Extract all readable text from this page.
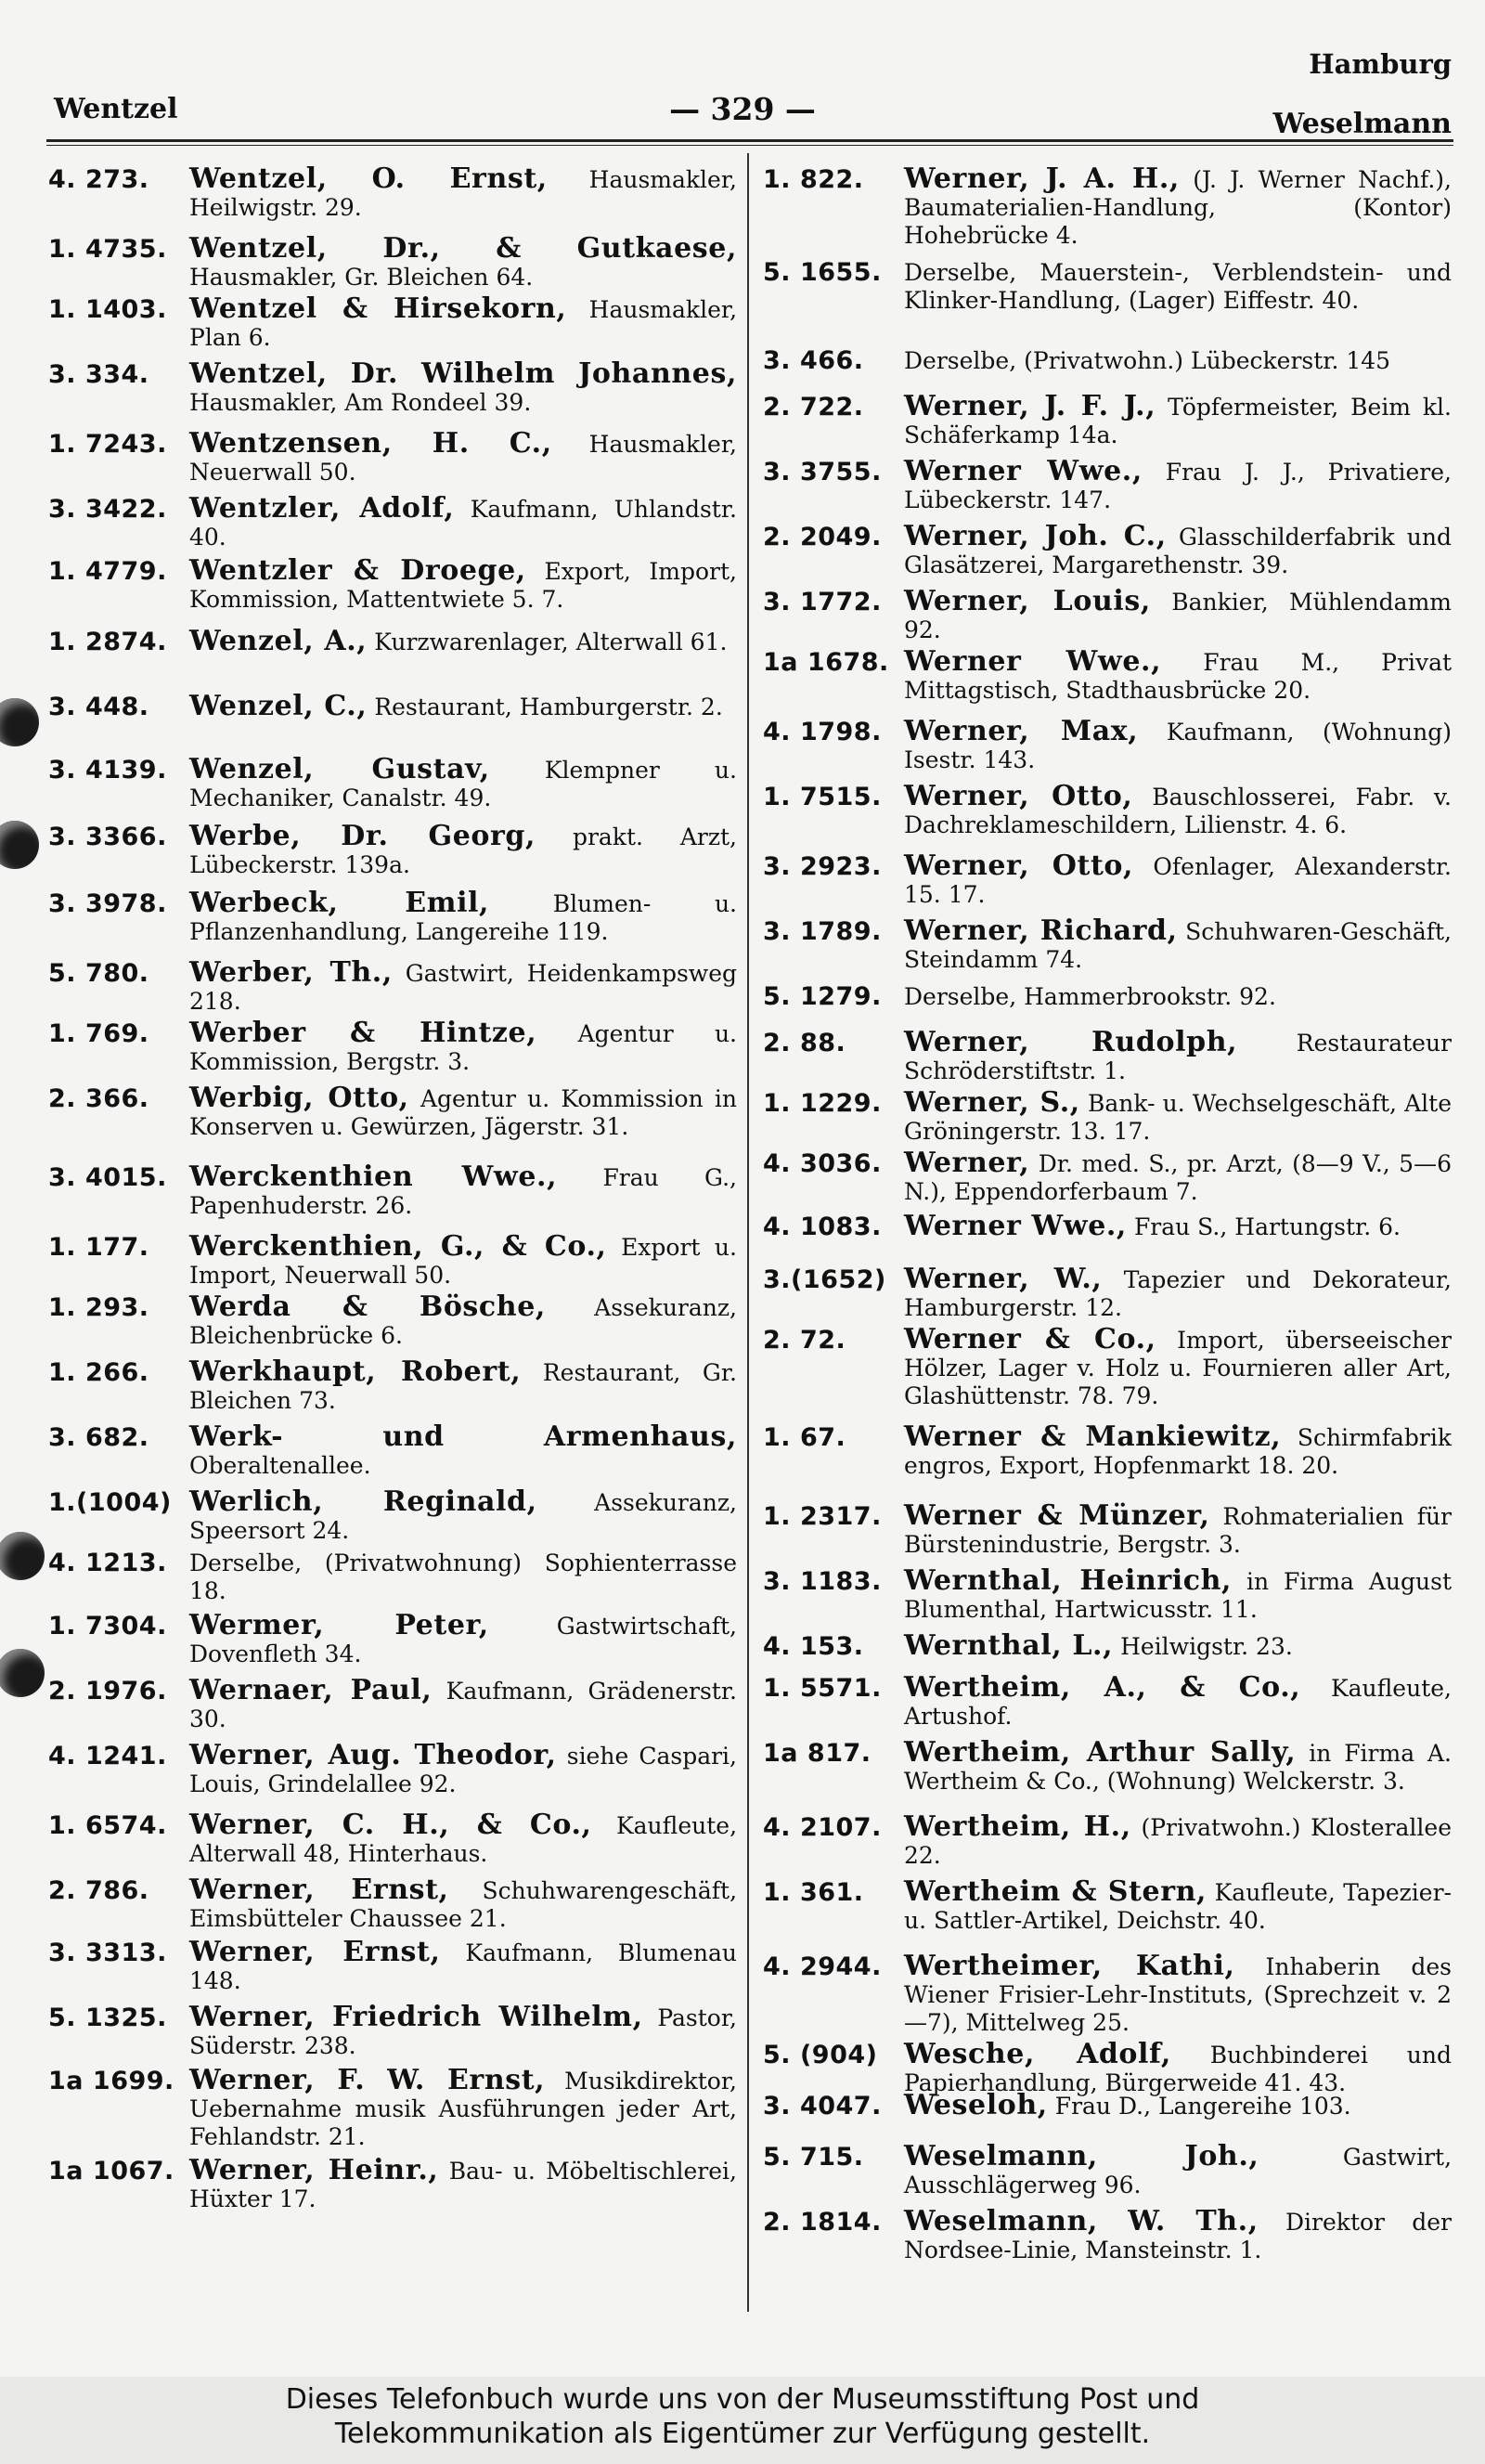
Hamburg
Wentzel	— 329 —	Weselmann
4. 273.	Wentzel, O. Ernst, Hausmakler, Heilwigstr. 29.
1. 4735. Wentzel, Dr., & Gutkaese, Hausmakler, Gr. Bleichen 64.
1. 1403. Wentzel & Hirsekorn, Hausmakler, Plan 6.
3. 334.	Wentzel, Dr. Wilhelm Johannes, Hausmakler, Am Rondeel 39.
1. 7243. Wentzensen, H. C., Hausmakler, Neuerwall 50.
3. 3422. Wentzler, Adolf, Kaufmann, Uhlandstr. 40.
1. 4779. Wentzler & Droege, Export, Import, Kommission, Mattentwiete 5. 7.
1. 2874. Wenzel, A., Kurzwarenlager, Alterwall 61.
3. 448.	Wenzel, C., Restaurant, Hamburgerstr. 2.
3. 4139. Wenzel, Gustav, Klempner u. Mechaniker, Canalstr. 49.
3. 3366. Werbe, Dr. Georg, prakt. Arzt, Lübeckerstr. 139a.
3. 3978. Werbeck, Emil,	Blumen- u. Pflanzenhandlung, Langereihe 119.
5. 780.	Werber, Th., Gastwirt, Heidenkampsweg 218.
1. 769.	Werber & Hintze, Agentur u. Kommission, Bergstr. 3.
2. 366.	Werbig, Otto, Agentur u. Kommission in Konserven u. Gewürzen, Jägerstr. 31.
3. 4015. Werckenthien Wwe., Frau G., Papenhuderstr. 26.
1. 177.	Werckenthien, G., & Co., Export u. Import, Neuerwall 50.
1. 293.	Werda & Bösche, Assekuranz, Bleichenbrücke 6.
1. 266.	Werkhaupt, Robert, Restaurant, Gr. Bleichen 73.
3. 682.	Werk- und Armenhaus, Oberaltenallee.
1.(1004) Werlich, Reginald, Assekuranz, Speersort 24.
4. 1213. Derselbe, (Privatwohnung) Sophienterrasse 18.
1. 7304. Wermer, Peter,	Gastwirtschaft, Dovenfleth 34.
2. 1976. Wernaer, Paul, Kaufmann, Grädenerstr. 30.
4. 1241. Werner, Aug. Theodor, siehe Caspari, Louis, Grindelallee 92.
1. 6574. Werner, C. H., & Co., Kaufleute, Alterwall 48, Hinterhaus.
2. 786.	Werner, Ernst, Schuhwarengeschäft, Eimsbütteler Chaussee 21.
3. 3313. Werner, Ernst, Kaufmann, Blumenau 148.
5. 1325. Werner, Friedrich Wilhelm, Pastor, Süderstr. 238.
1a 1699. Werner, F. W. Ernst, Musikdirektor, Uebernahme musik Ausführungen jeder Art, Fehlandstr. 21.
1a 1067. Werner, Heinr., Bau- u. Möbeltischlerei, Hüxter 17.
1. 822.	Werner, J. A. H., (J. J. Werner Nachf.), Baumaterialien-Handlung, (Kontor) Hohebrücke 4.
5. 1655. Derselbe, Mauerstein-, Verblendstein- und Klinker-Handlung, (Lager) Eiffestr. 40.
3. 466.	Derselbe, (Privatwohn.) Lübeckerstr. 145
2. 722.	Werner, J. F. J., Töpfermeister, Beim kl. Schäferkamp 14a.
3. 3755. Werner Wwe., Frau J. J., Privatiere, Lübeckerstr. 147.
2. 2049. Werner, Joh. C., Glasschilderfabrik und Glasätzerei, Margarethenstr. 39.
3. 1772. Werner, Louis, Bankier, Mühlendamm 92.
1a 1678. Werner Wwe., Frau M., Privat Mittagstisch, Stadthausbrücke 20.
4. 1798. Werner, Max, Kaufmann, (Wohnung) Isestr. 143.
1. 7515. Werner, Otto, Bauschlosserei, Fabr. v. Dachreklameschildern, Lilienstr. 4. 6.
3. 2923. Werner, Otto, Ofenlager, Alexanderstr. 15. 17.
3. 1789. Werner, Richard, Schuhwaren-Geschäft, Steindamm 74.
5. 1279. Derselbe, Hammerbrookstr. 92.
2. 88.	Werner, Rudolph,	Restaurateur Schröderstiftstr. 1.
1. 1229. Werner, S., Bank- u. Wechselgeschäft, Alte Gröningerstr. 13. 17.
4. 3036. Werner, Dr. med. S., pr. Arzt, (8—9 V., 5—6 N.), Eppendorferbaum 7.
4. 1083. Werner Wwe., Frau S., Hartungstr. 6.
3.(1652) Werner, W., Tapezier und Dekorateur, Hamburgerstr. 12.
2. 72.	Werner & Co., Import, überseeischer Hölzer, Lager v. Holz u. Fournieren aller Art, Glashüttenstr. 78. 79.
1. 67.	Werner & Mankiewitz, Schirmfabrik engros, Export, Hopfenmarkt 18. 20.
1. 2317. Werner & Münzer, Rohmaterialien für Bürstenindustrie, Bergstr. 3.
3. 1183. Wernthal, Heinrich, in Firma August Blumenthal, Hartwicusstr. 11.
4. 153.	Wernthal, L., Heilwigstr. 23.
1. 5571. Wertheim, A., & Co., Kaufleute, Artushof.
1a 817.	Wertheim, Arthur Sally, in Firma A. Wertheim & Co., (Wohnung) Welckerstr. 3.
4. 2107. Wertheim, H., (Privatwohn.) Klosterallee 22.
1. 361.	Wertheim & Stern, Kaufleute, Tapezier- u. Sattler-Artikel, Deichstr. 40.
4. 2944. Wertheimer, Kathi, Inhaberin des Wiener Frisier-Lehr-Instituts, (Sprechzeit v. 2—7), Mittelweg 25.
5. (904) Wesche, Adolf, Buchbinderei und Papierhandlung, Bürgerweide 41. 43.
3. 4047. Weseloh, Frau D., Langereihe 103.
5. 715.	Weselmann, Joh.,	Gastwirt, Ausschlägerweg 96.
2. 1814. Weselmann, W. Th., Direktor der Nordsee-Linie, Mansteinstr. 1.
Dieses Telefonbuch wurde uns von der Museumsstiftung Post und
Telekommunikation als Eigentümer zur Verfügung gestellt.
